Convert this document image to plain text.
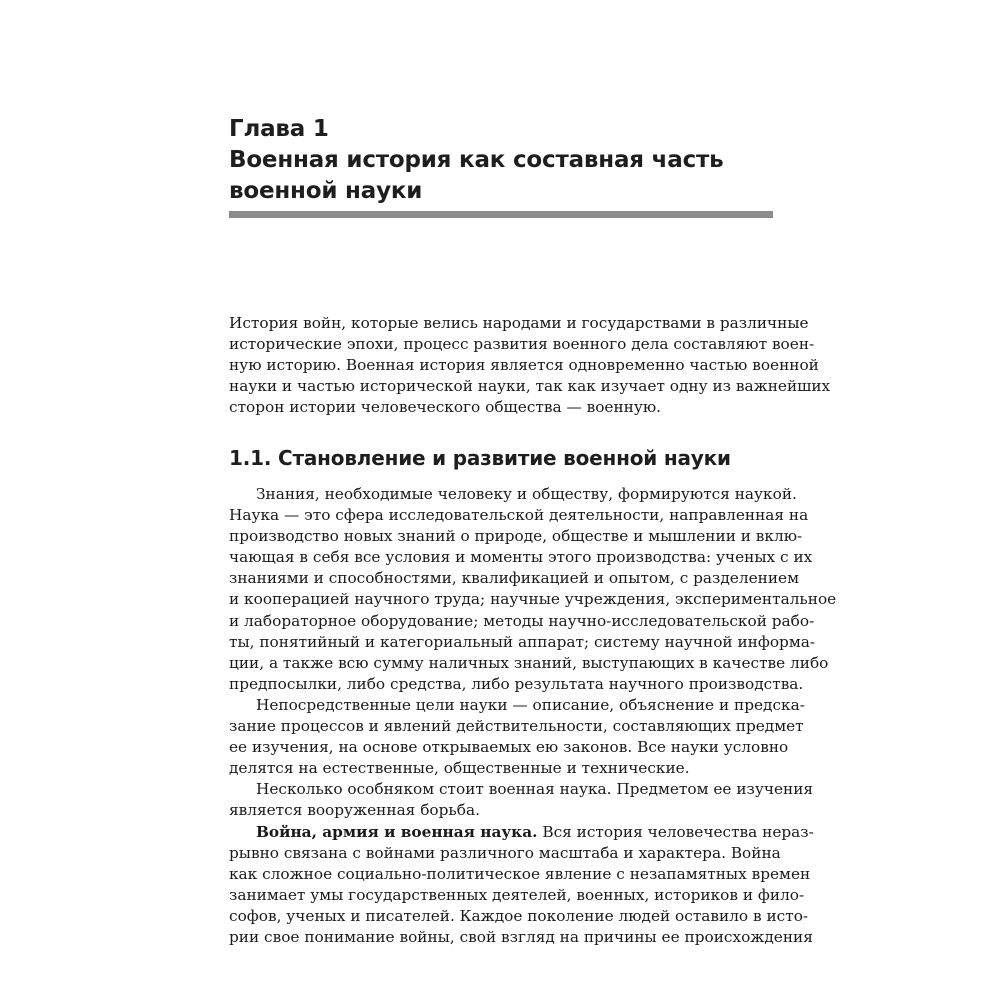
Глава 1
Военная история как составная часть
военной науки
История войн, которые велись народами и государствами в различные
исторические эпохи, процесс развития военного дела составляют воен-
ную историю. Военная история является одновременно частью военной
науки и частью исторической науки, так как изучает одну из важнейших
сторон истории человеческого общества — военную.
1.1. Становление и развитие военной науки
Знания, необходимые человеку и обществу, формируются наукой.
Наука — это сфера исследовательской деятельности, направленная на
производство новых знаний о природе, обществе и мышлении и вклю-
чающая в себя все условия и моменты этого производства: ученых с их
знаниями и способностями, квалификацией и опытом, с разделением
и кооперацией научного труда; научные учреждения, экспериментальное
и лабораторное оборудование; методы научно-исследовательской рабо-
ты, понятийный и категориальный аппарат; систему научной информа-
ции, а также всю сумму наличных знаний, выступающих в качестве либо
предпосылки, либо средства, либо результата научного производства.
Непосредственные цели науки — описание, объяснение и предска-
зание процессов и явлений действительности, составляющих предмет
ее изучения, на основе открываемых ею законов. Все науки условно
делятся на естественные, общественные и технические.
Несколько особняком стоит военная наука. Предметом ее изучения
является вооруженная борьба.
Война, армия и военная наука. Вся история человечества нераз-
рывно связана с войнами различного масштаба и характера. Война
как сложное социально-политическое явление с незапамятных времен
занимает умы государственных деятелей, военных, историков и фило-
софов, ученых и писателей. Каждое поколение людей оставило в исто-
рии свое понимание войны, свой взгляд на причины ее происхождения
